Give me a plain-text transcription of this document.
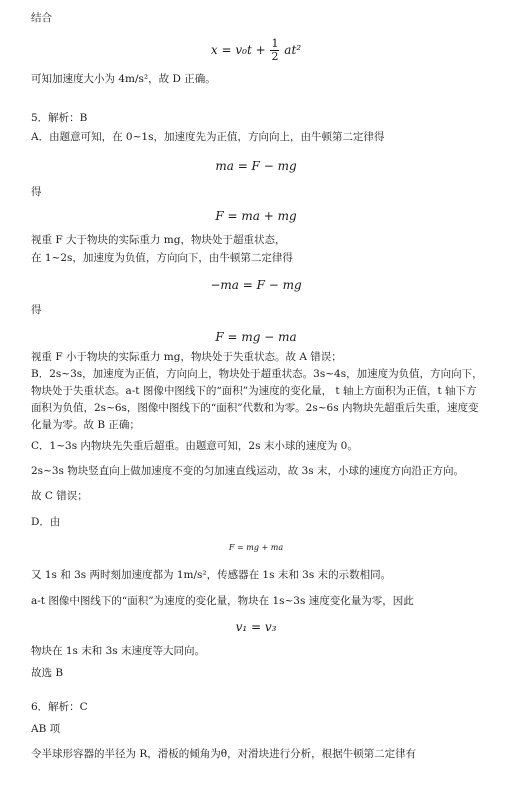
结合
$x = v_0t + \frac{1}{2} at^2$
可知加速度大小为 4m/s²，故 D 正确。
5．解析：B
A．由题意可知，在 0~1s，加速度先为正值，方向向上，由牛顿第二定律得
ma = F − mg
得
F = ma + mg
视重 F 大于物块的实际重力 mg，物块处于超重状态，
在 1~2s，加速度为负值，方向向下，由牛顿第二定律得
−ma = F − mg
得
F = mg − ma
视重 F 小于物块的实际重力 mg，物块处于失重状态。故 A 错误；
B．2s~3s，加速度为正值，方向向上，物块处于超重状态。3s~4s，加速度为负值，方向向下，物块处于失重状态。a-t 图像中图线下的“面积”为速度的变化量， t 轴上方面积为正值，t 轴下方面积为负值，2s~6s，图像中图线下的“面积”代数和为零。2s~6s 内物块先超重后失重，速度变化量为零。故 B 正确；
C．1~3s 内物块先失重后超重。由题意可知，2s 末小球的速度为 0。
2s~3s 物块竖直向上做加速度不变的匀加速直线运动，故 3s 末，小球的速度方向沿正方向。
故 C 错误；
D．由
F = mg + ma
又 1s 和 3s 两时刻加速度都为 1m/s²，传感器在 1s 末和 3s 末的示数相同。
a-t 图像中图线下的“面积”为速度的变化量，物块在 1s~3s 速度变化量为零，因此
v₁ = v₃
物块在 1s 末和 3s 末速度等大同向。
故选 B
6．解析：C
AB 项
令半球形容器的半径为 R，滑板的倾角为θ，对滑块进行分析，根据牛顿第二定律有
